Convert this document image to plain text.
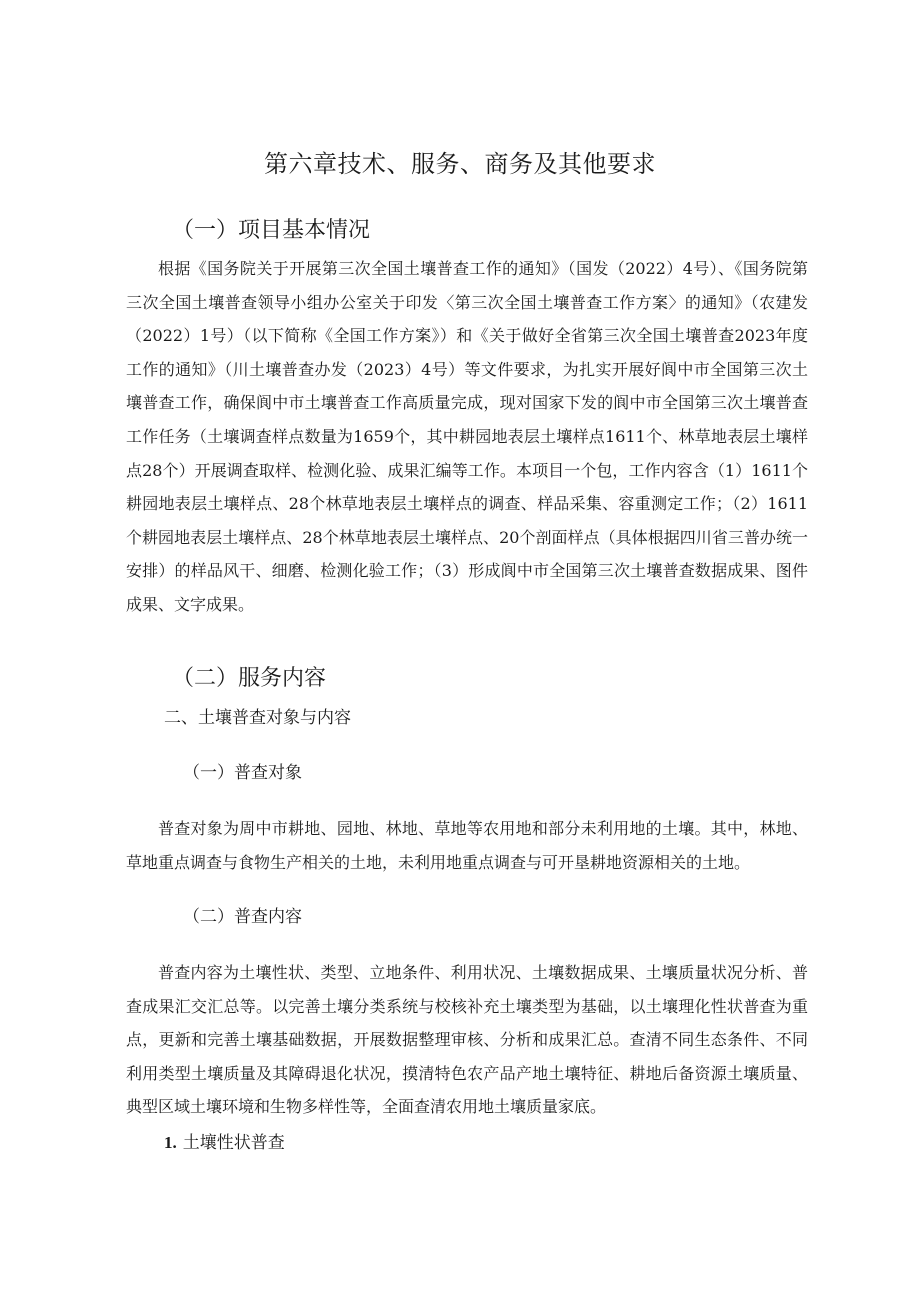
第六章技术、服务、商务及其他要求
（一）项目基本情况

根据《国务院关于开展第三次全国土壤普查工作的通知》（国发（2022）4号）、《国务院第三次全国土壤普查领导小组办公室关于印发〈第三次全国土壤普查工作方案〉的通知》（农建发（2022）1号）（以下简称《全国工作方案》）和《关于做好全省第三次全国土壤普查2023年度工作的通知》（川土壤普查办发（2023）4号）等文件要求，为扎实开展好阆中市全国第三次土壤普查工作，确保阆中市土壤普查工作高质量完成，现对国家下发的阆中市全国第三次土壤普查工作任务（土壤调查样点数量为1659个，其中耕园地表层土壤样点1611个、林草地表层土壤样点28个）开展调查取样、检测化验、成果汇编等工作。本项目一个包，工作内容含（1）1611个耕园地表层土壤样点、28个林草地表层土壤样点的调查、样品采集、容重测定工作；（2）1611个耕园地表层土壤样点、28个林草地表层土壤样点、20个剖面样点（具体根据四川省三普办统一安排）的样品风干、细磨、检测化验工作；（3）形成阆中市全国第三次土壤普查数据成果、图件成果、文字成果。

（二）服务内容
二、土壤普查对象与内容
（一）普查对象

普查对象为周中市耕地、园地、林地、草地等农用地和部分未利用地的土壤。其中，林地、草地重点调查与食物生产相关的土地，未利用地重点调查与可开垦耕地资源相关的土地。

（二）普查内容

普查内容为土壤性状、类型、立地条件、利用状况、土壤数据成果、土壤质量状况分析、普查成果汇交汇总等。以完善土壤分类系统与校核补充土壤类型为基础，以土壤理化性状普查为重点，更新和完善土壤基础数据，开展数据整理审核、分析和成果汇总。查清不同生态条件、不同利用类型土壤质量及其障碍退化状况，摸清特色农产品产地土壤特征、耕地后备资源土壤质量、典型区域土壤环境和生物多样性等，全面查清农用地土壤质量家底。

1. 土壤性状普查
